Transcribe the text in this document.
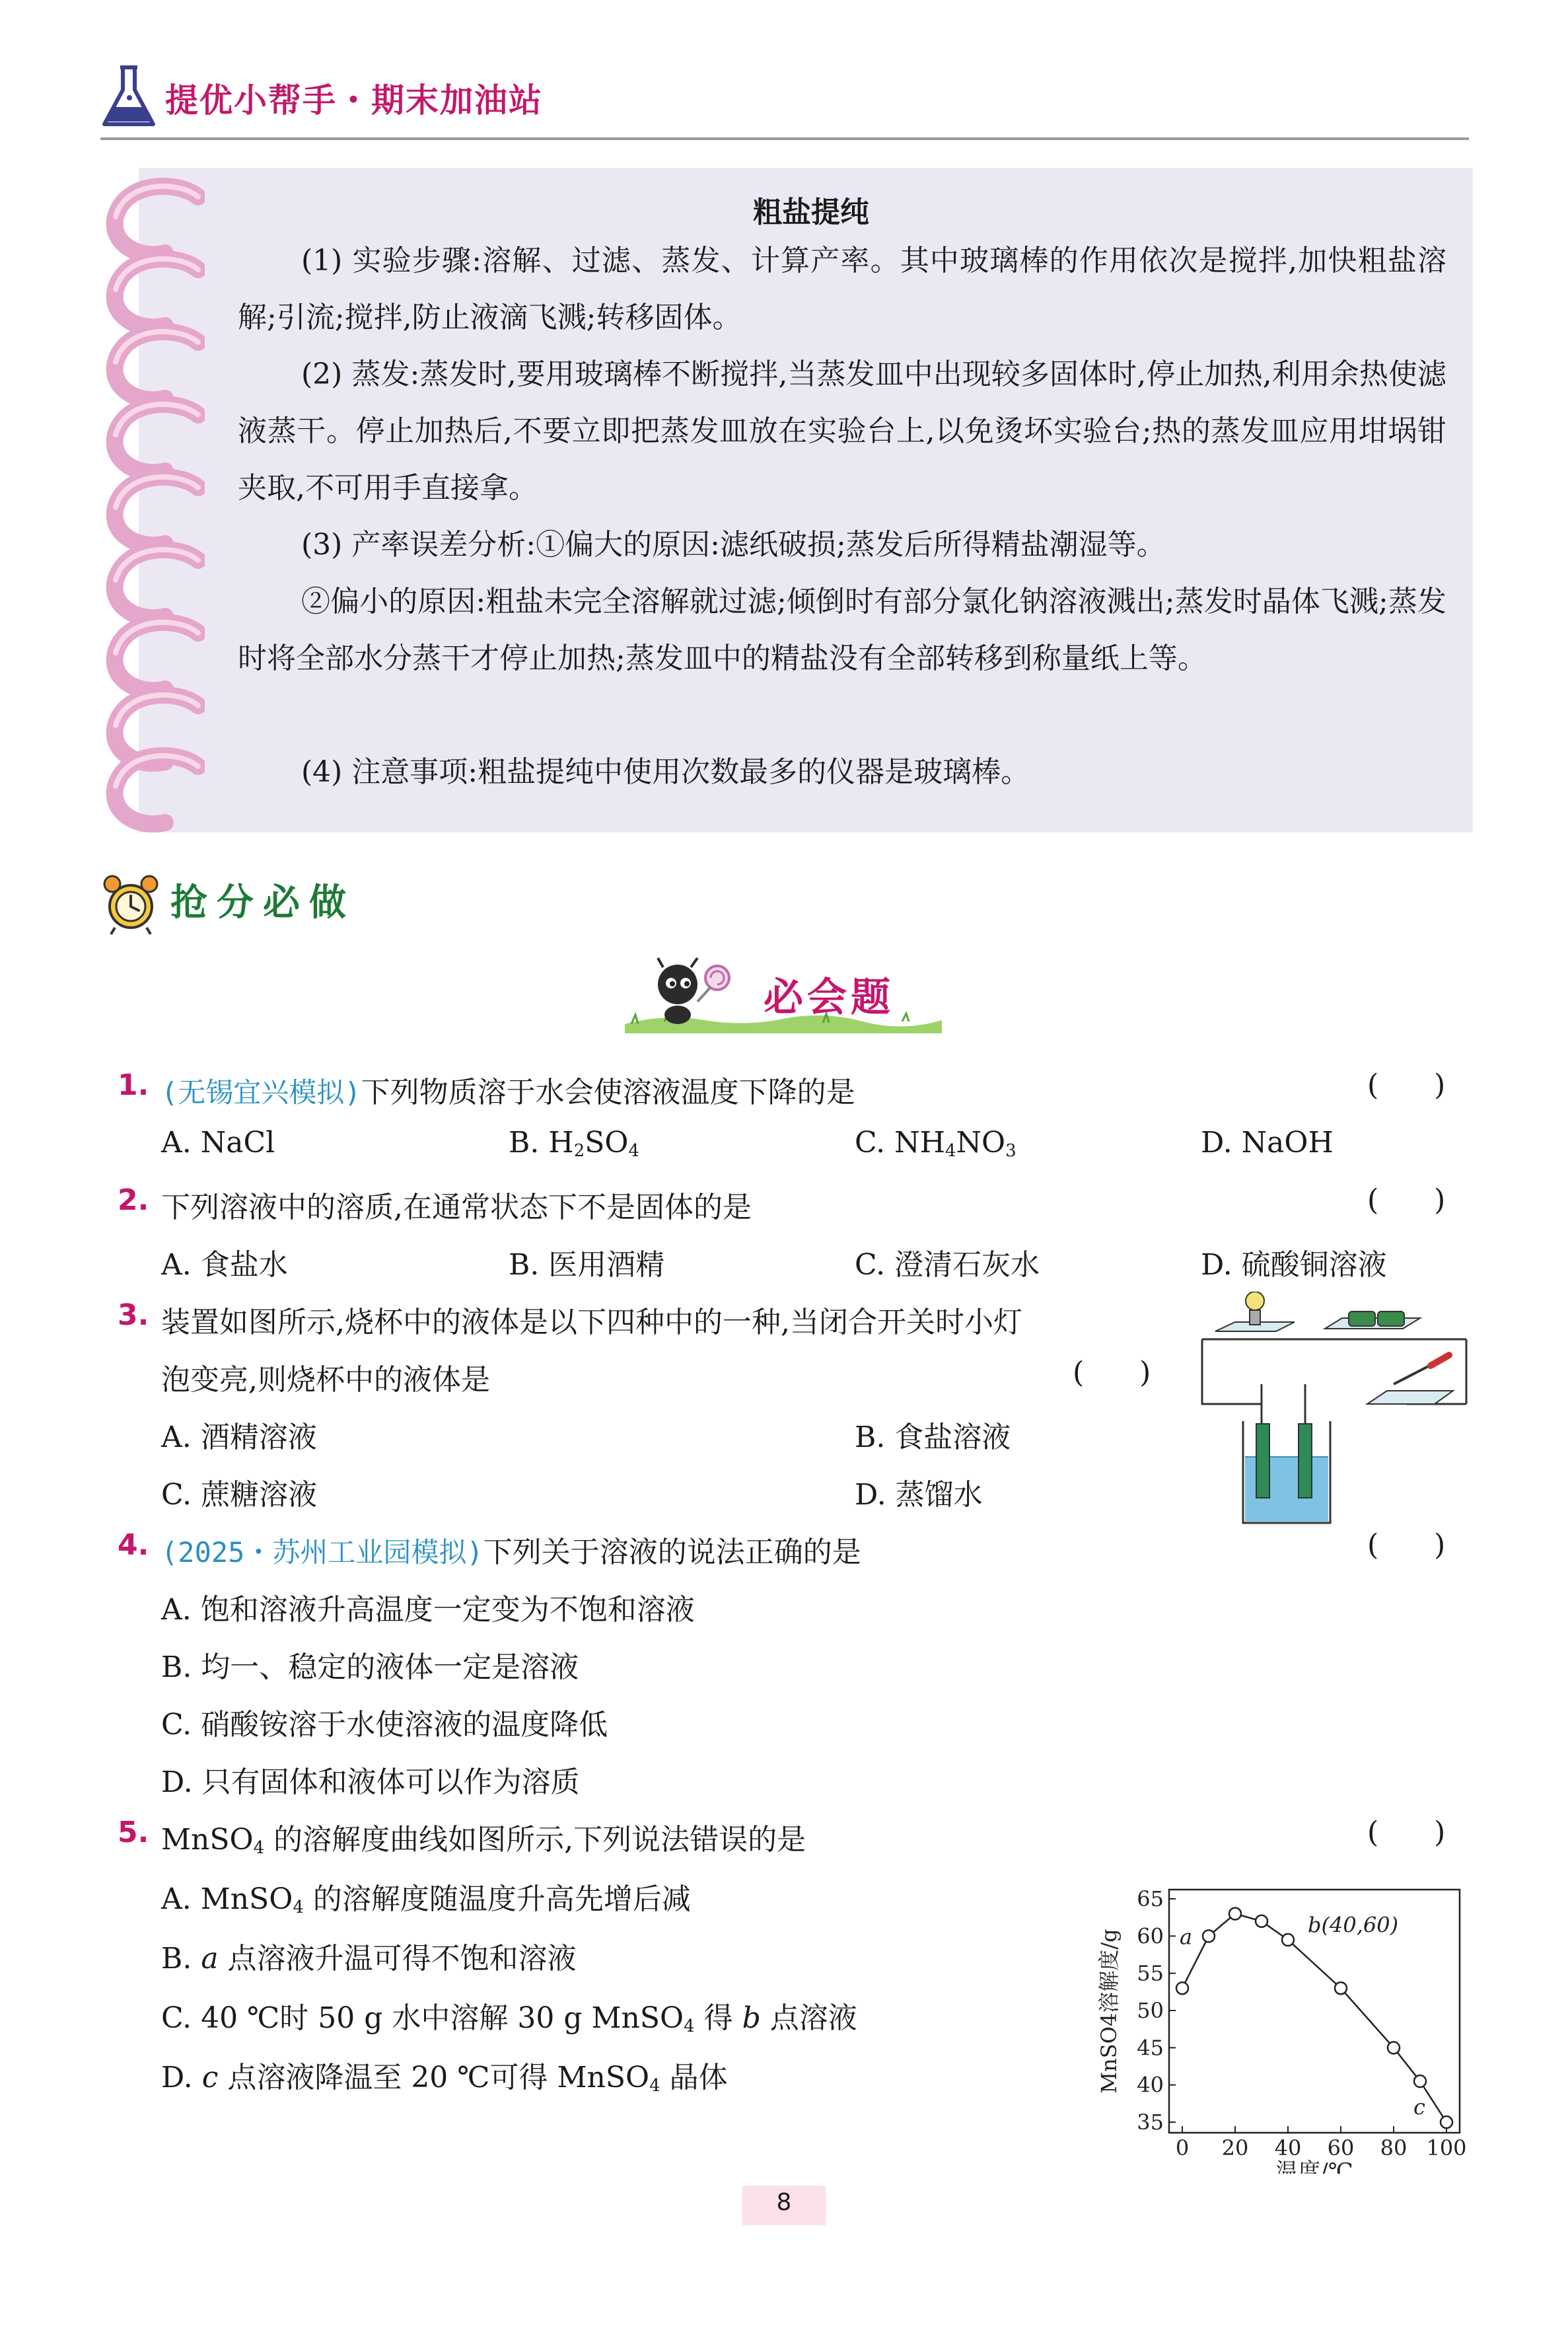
提优小帮手・期末加油站
粗盐提纯
(1) 实验步骤:溶解、过滤、蒸发、计算产率。其中玻璃棒的作用依次是搅拌,加快粗盐溶解;引流;搅拌,防止液滴飞溅;转移固体。
(2) 蒸发:蒸发时,要用玻璃棒不断搅拌,当蒸发皿中出现较多固体时,停止加热,利用余热使滤液蒸干。停止加热后,不要立即把蒸发皿放在实验台上,以免烫坏实验台;热的蒸发皿应用坩埚钳夹取,不可用手直接拿。
(3) 产率误差分析:①偏大的原因:滤纸破损;蒸发后所得精盐潮湿等。
②偏小的原因:粗盐未完全溶解就过滤;倾倒时有部分氯化钠溶液溅出;蒸发时晶体飞溅;蒸发时将全部水分蒸干才停止加热;蒸发皿中的精盐没有全部转移到称量纸上等。
(4) 注意事项:粗盐提纯中使用次数最多的仪器是玻璃棒。
抢分必做
必会题
1. (无锡宜兴模拟)下列物质溶于水会使溶液温度下降的是	(      )
A. NaCl	B. $H_2SO_4$	C. $NH_4NO_3$	D. NaOH
2. 下列溶液中的溶质,在通常状态下不是固体的是	(      )
A. 食盐水	B. 医用酒精	C. 澄清石灰水	D. 硫酸铜溶液
3. 装置如图所示,烧杯中的液体是以下四种中的一种,当闭合开关时小灯
泡变亮,则烧杯中的液体是	(      )
A. 酒精溶液	B. 食盐溶液
C. 蔗糖溶液	D. 蒸馏水
4. (2025・苏州工业园模拟)下列关于溶液的说法正确的是	(      )
A. 饱和溶液升高温度一定变为不饱和溶液
B. 均一、稳定的液体一定是溶液
C. 硝酸铵溶于水使溶液的温度降低
D. 只有固体和液体可以作为溶质
5. MnSO$_4$ 的溶解度曲线如图所示,下列说法错误的是	(      )
A. MnSO$_4$ 的溶解度随温度升高先增后减
B. a 点溶液升温可得不饱和溶液
C. 40 ℃时 50 g 水中溶解 30 g MnSO$_4$ 得 b 点溶液
D. c 点溶液降温至 20 ℃可得 MnSO$_4$ 晶体
35
40
45
50
55
60
65
0 20 40 60 80 100
温度/℃
MnSO4溶解度/g	a	b(40,60)
c
8
